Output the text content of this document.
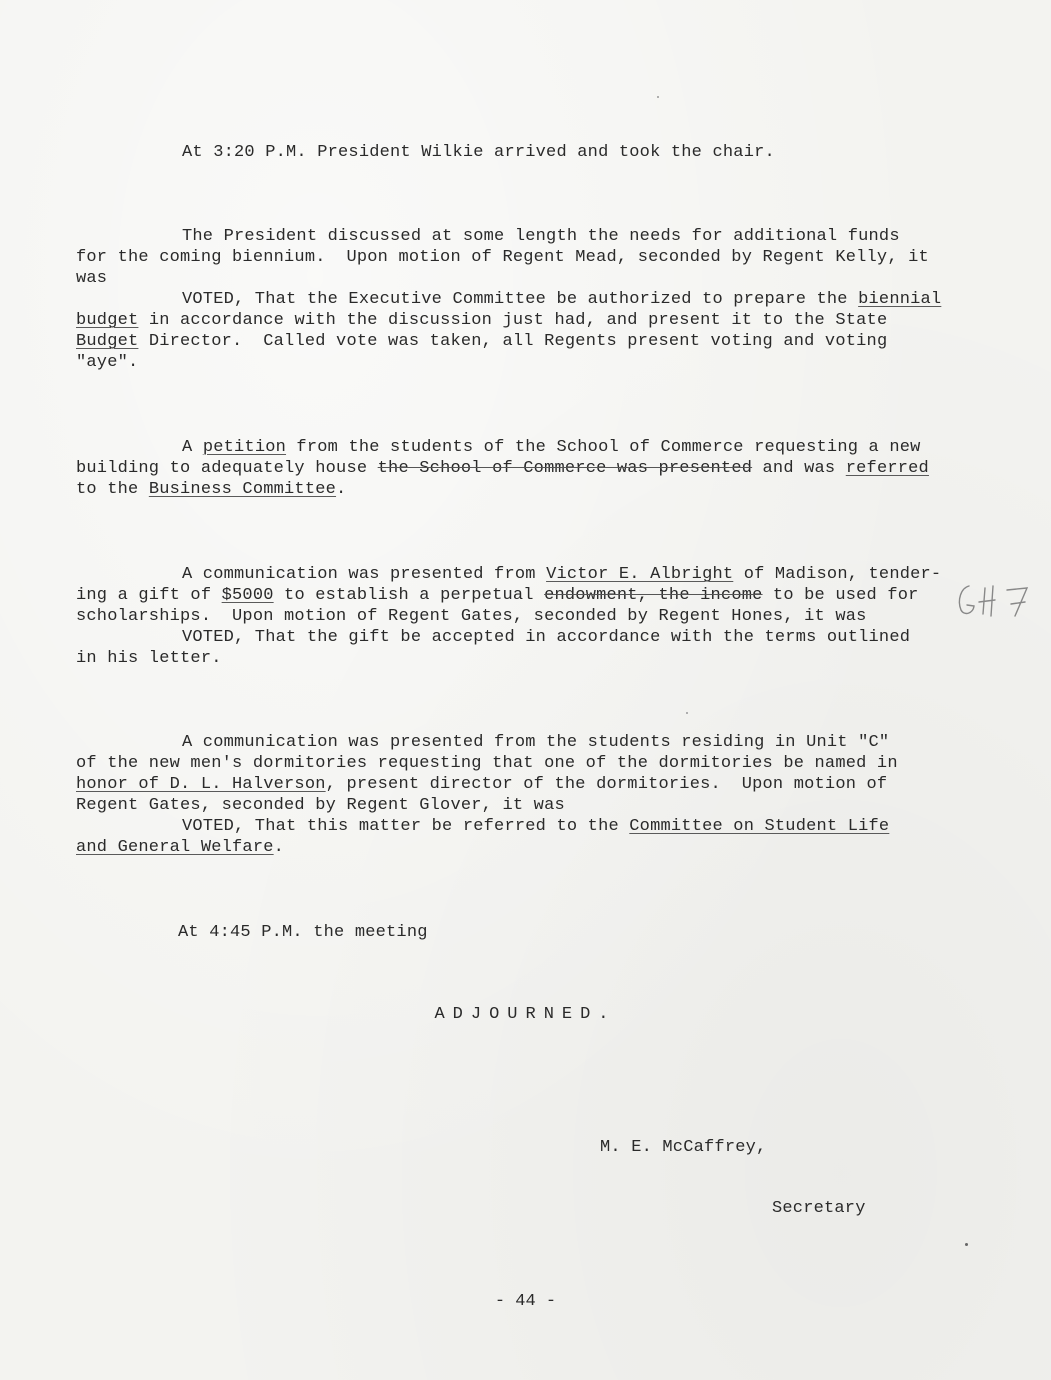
At 3:20 P.M. President Wilkie arrived and took the chair.
The President discussed at some length the needs for additional funds
for the coming biennium.  Upon motion of Regent Mead, seconded by Regent Kelly, it
was
VOTED, That the Executive Committee be authorized to prepare the biennial
budget in accordance with the discussion just had, and present it to the State
Budget Director.  Called vote was taken, all Regents present voting and voting
"aye".
A petition from the students of the School of Commerce requesting a new
building to adequately house the School of Commerce was presented and was referred
to the Business Committee.
A communication was presented from Victor E. Albright of Madison, tender-
ing a gift of $5000 to establish a perpetual endowment, the income to be used for
scholarships.  Upon motion of Regent Gates, seconded by Regent Hones, it was
VOTED, That the gift be accepted in accordance with the terms outlined
in his letter.
A communication was presented from the students residing in Unit "C"
of the new men's dormitories requesting that one of the dormitories be named in
honor of D. L. Halverson, present director of the dormitories.  Upon motion of
Regent Gates, seconded by Regent Glover, it was
VOTED, That this matter be referred to the Committee on Student Life
and General Welfare.
At 4:45 P.M. the meeting
ADJOURNED.
M. E. McCaffrey,
Secretary
- 44 -
